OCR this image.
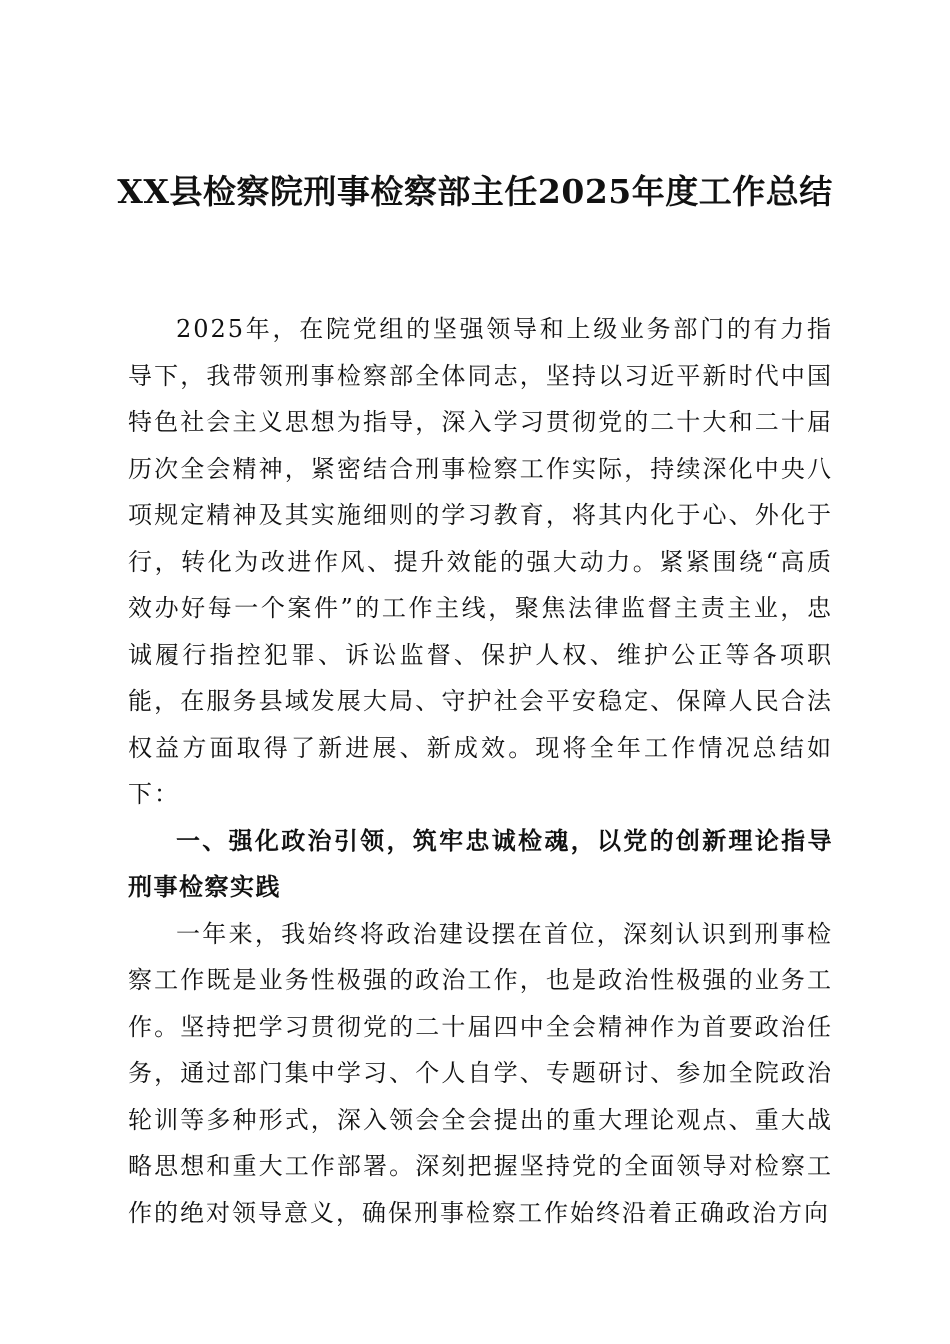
XX县检察院刑事检察部主任2025年度工作总结

2025年，在院党组的坚强领导和上级业务部门的有力指导下，我带领刑事检察部全体同志，坚持以习近平新时代中国特色社会主义思想为指导，深入学习贯彻党的二十大和二十届历次全会精神，紧密结合刑事检察工作实际，持续深化中央八项规定精神及其实施细则的学习教育，将其内化于心、外化于行，转化为改进作风、提升效能的强大动力。紧紧围绕“高质效办好每一个案件”的工作主线，聚焦法律监督主责主业，忠诚履行指控犯罪、诉讼监督、保护人权、维护公正等各项职能，在服务县域发展大局、守护社会平安稳定、保障人民合法权益方面取得了新进展、新成效。现将全年工作情况总结如下：

一、强化政治引领，筑牢忠诚检魂，以党的创新理论指导刑事检察实践

一年来，我始终将政治建设摆在首位，深刻认识到刑事检察工作既是业务性极强的政治工作，也是政治性极强的业务工作。坚持把学习贯彻党的二十届四中全会精神作为首要政治任务，通过部门集中学习、个人自学、专题研讨、参加全院政治轮训等多种形式，深入领会全会提出的重大理论观点、重大战略思想和重大工作部署。深刻把握坚持党的全面领导对检察工作的绝对领导意义，确保刑事检察工作始终沿着正确政治方向
